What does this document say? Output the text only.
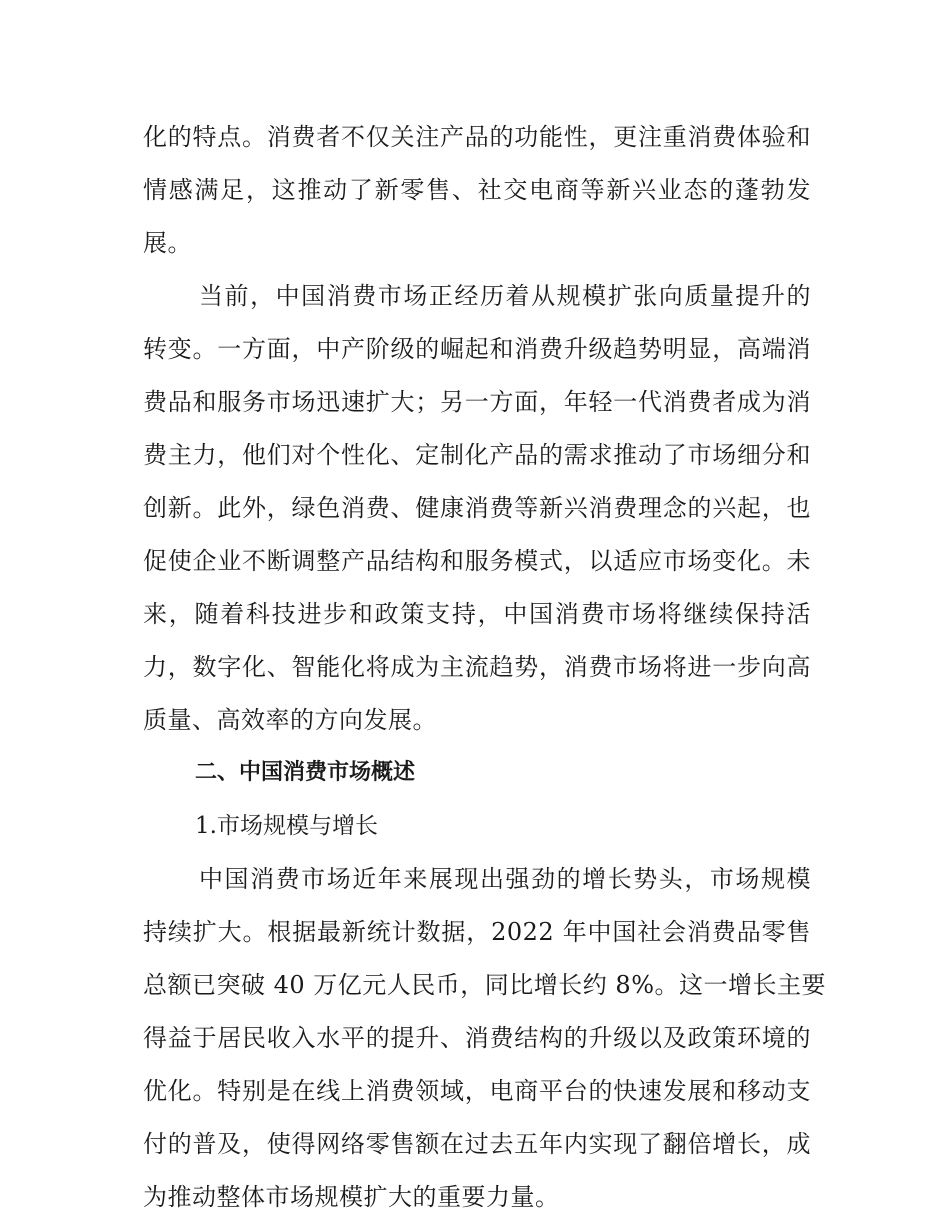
化的特点。消费者不仅关注产品的功能性，更注重消费体验和
情感满足，这推动了新零售、社交电商等新兴业态的蓬勃发
展。
当前，中国消费市场正经历着从规模扩张向质量提升的
转变。一方面，中产阶级的崛起和消费升级趋势明显，高端消
费品和服务市场迅速扩大；另一方面，年轻一代消费者成为消
费主力，他们对个性化、定制化产品的需求推动了市场细分和
创新。此外，绿色消费、健康消费等新兴消费理念的兴起，也
促使企业不断调整产品结构和服务模式，以适应市场变化。未
来，随着科技进步和政策支持，中国消费市场将继续保持活
力，数字化、智能化将成为主流趋势，消费市场将进一步向高
质量、高效率的方向发展。
二、中国消费市场概述
1.市场规模与增长
中国消费市场近年来展现出强劲的增长势头，市场规模
持续扩大。根据最新统计数据，2022 年中国社会消费品零售
总额已突破 40 万亿元人民币，同比增长约 8%。这一增长主要
得益于居民收入水平的提升、消费结构的升级以及政策环境的
优化。特别是在线上消费领域，电商平台的快速发展和移动支
付的普及，使得网络零售额在过去五年内实现了翻倍增长，成
为推动整体市场规模扩大的重要力量。
